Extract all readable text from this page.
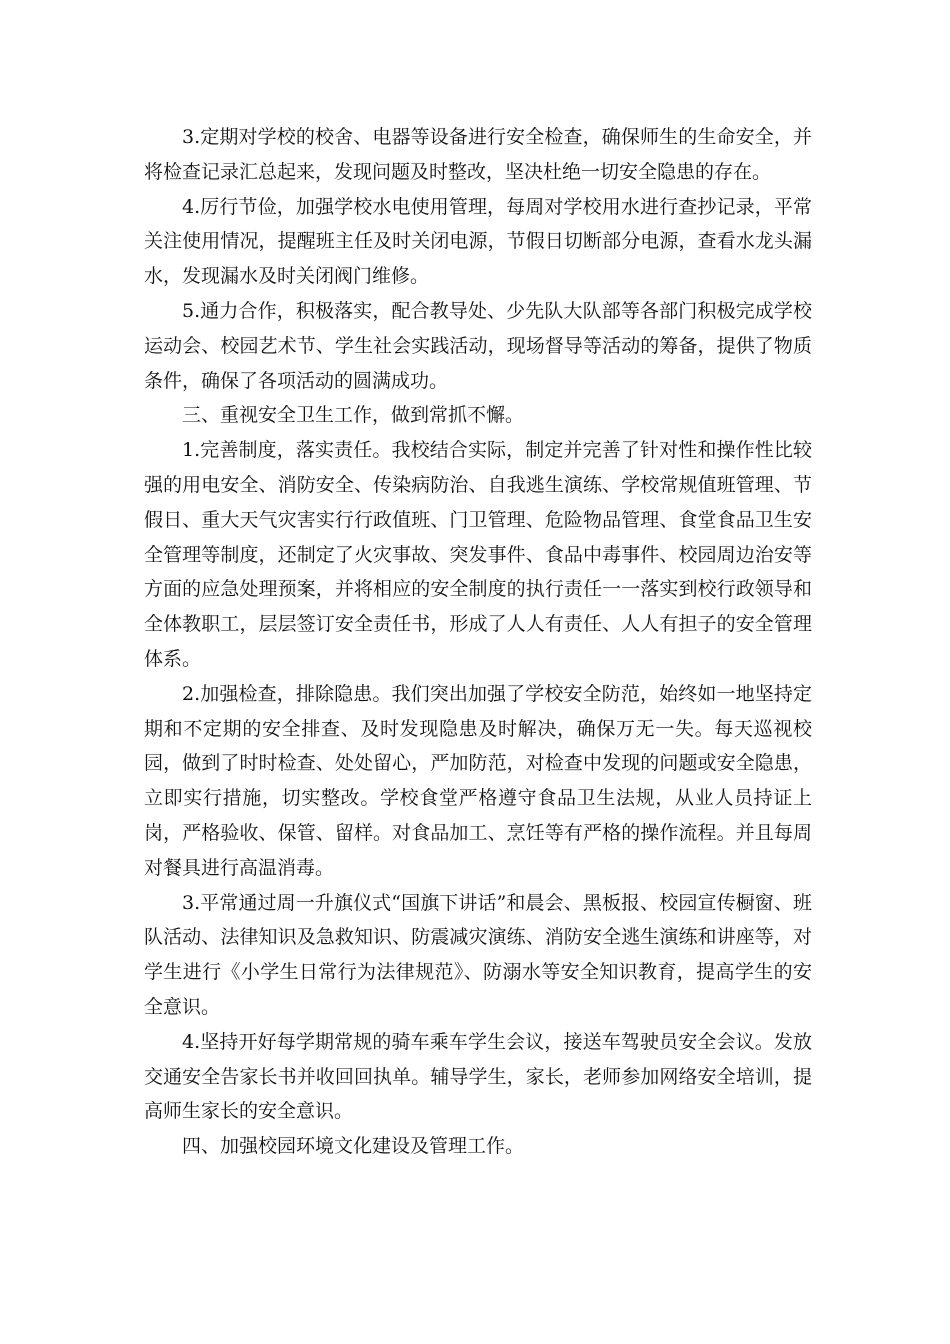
3.定期对学校的校舍、电器等设备进行安全检查，确保师生的生命安全，并将检查记录汇总起来，发现问题及时整改，坚决杜绝一切安全隐患的存在。

4.厉行节俭，加强学校水电使用管理，每周对学校用水进行查抄记录，平常关注使用情况，提醒班主任及时关闭电源，节假日切断部分电源，查看水龙头漏水，发现漏水及时关闭阀门维修。

5.通力合作，积极落实，配合教导处、少先队大队部等各部门积极完成学校运动会、校园艺术节、学生社会实践活动，现场督导等活动的筹备，提供了物质条件，确保了各项活动的圆满成功。

三、重视安全卫生工作，做到常抓不懈。

1.完善制度，落实责任。我校结合实际，制定并完善了针对性和操作性比较强的用电安全、消防安全、传染病防治、自我逃生演练、学校常规值班管理、节假日、重大天气灾害实行行政值班、门卫管理、危险物品管理、食堂食品卫生安全管理等制度，还制定了火灾事故、突发事件、食品中毒事件、校园周边治安等方面的应急处理预案，并将相应的安全制度的执行责任一一落实到校行政领导和全体教职工，层层签订安全责任书，形成了人人有责任、人人有担子的安全管理体系。

2.加强检查，排除隐患。我们突出加强了学校安全防范，始终如一地坚持定期和不定期的安全排查、及时发现隐患及时解决，确保万无一失。每天巡视校园，做到了时时检查、处处留心，严加防范，对检查中发现的问题或安全隐患，立即实行措施，切实整改。学校食堂严格遵守食品卫生法规，从业人员持证上岗，严格验收、保管、留样。对食品加工、烹饪等有严格的操作流程。并且每周对餐具进行高温消毒。

3.平常通过周一升旗仪式“国旗下讲话”和晨会、黑板报、校园宣传橱窗、班队活动、法律知识及急救知识、防震减灾演练、消防安全逃生演练和讲座等，对学生进行《小学生日常行为法律规范》、防溺水等安全知识教育，提高学生的安全意识。

4.坚持开好每学期常规的骑车乘车学生会议，接送车驾驶员安全会议。发放交通安全告家长书并收回回执单。辅导学生，家长，老师参加网络安全培训，提高师生家长的安全意识。

四、加强校园环境文化建设及管理工作。
